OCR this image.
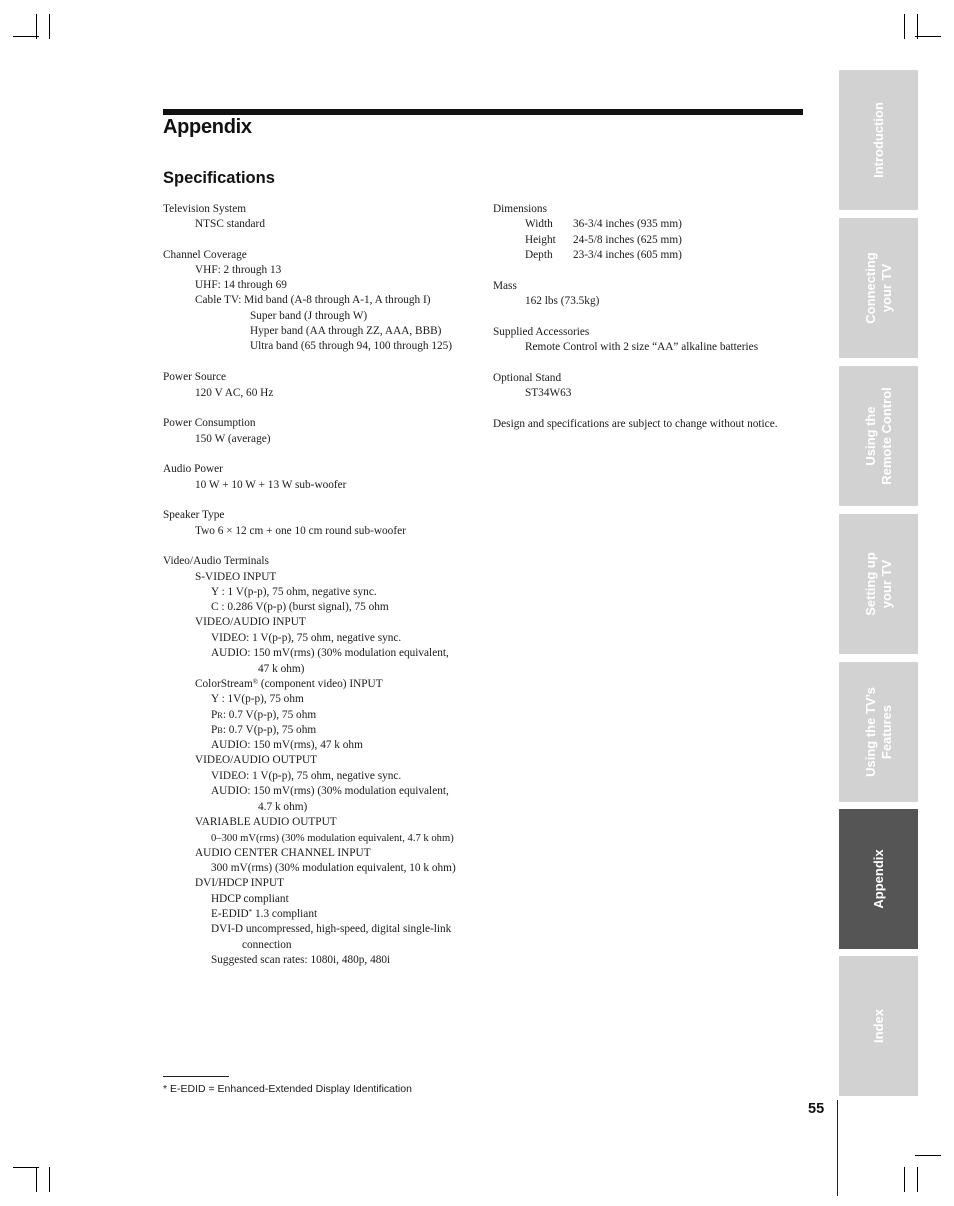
Appendix
Specifications
Television System
NTSC standard
Channel Coverage
VHF: 2 through 13
UHF: 14 through 69
Cable TV: Mid band (A-8 through A-1, A through I)
Super band (J through W)
Hyper band (AA through ZZ, AAA, BBB)
Ultra band (65 through 94, 100 through 125)
Power Source
120 V AC, 60 Hz
Power Consumption
150 W (average)
Audio Power
10 W + 10 W + 13 W sub-woofer
Speaker Type
Two 6 × 12 cm + one 10 cm round sub-woofer
Video/Audio Terminals
S-VIDEO INPUT
Y : 1 V(p-p), 75 ohm, negative sync.
C : 0.286 V(p-p) (burst signal), 75 ohm
VIDEO/AUDIO INPUT
VIDEO: 1 V(p-p), 75 ohm, negative sync.
AUDIO: 150 mV(rms) (30% modulation equivalent,
47 k ohm)
ColorStream® (component video) INPUT
Y : 1V(p-p), 75 ohm
PR: 0.7 V(p-p), 75 ohm
PB: 0.7 V(p-p), 75 ohm
AUDIO: 150 mV(rms), 47 k ohm
VIDEO/AUDIO OUTPUT
VIDEO: 1 V(p-p), 75 ohm, negative sync.
AUDIO: 150 mV(rms) (30% modulation equivalent,
4.7 k ohm)
VARIABLE AUDIO OUTPUT
0–300 mV(rms) (30% modulation equivalent, 4.7 k ohm)
AUDIO CENTER CHANNEL INPUT
300 mV(rms) (30% modulation equivalent, 10 k ohm)
DVI/HDCP INPUT
HDCP compliant
E-EDID* 1.3 compliant
DVI-D uncompressed, high-speed, digital single-link
connection
Suggested scan rates: 1080i, 480p, 480i
Dimensions
Width 36-3/4 inches (935 mm)
Height 24-5/8 inches (625 mm)
Depth 23-3/4 inches (605 mm)
Mass
162 lbs (73.5kg)
Supplied Accessories
Remote Control with 2 size “AA” alkaline batteries
Optional Stand
ST34W63
Design and specifications are subject to change without notice.
Introduction
Connecting
your TV
Using the
Remote Control
Setting up
your TV
Using the TV’s
Features
Appendix
Index
* E-EDID = Enhanced-Extended Display Identification
55
